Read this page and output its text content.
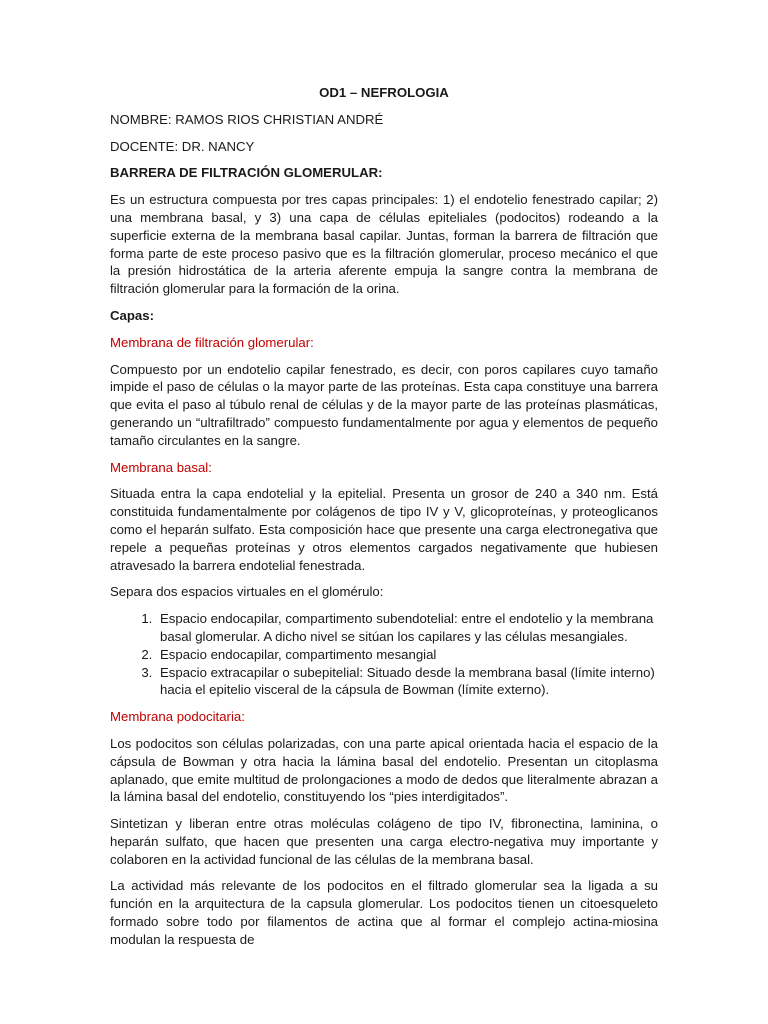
OD1 – NEFROLOGIA

NOMBRE: RAMOS RIOS CHRISTIAN ANDRÉ

DOCENTE: DR. NANCY

BARRERA DE FILTRACIÓN GLOMERULAR:

Es un estructura compuesta por tres capas principales: 1) el endotelio fenestrado capilar; 2) una membrana basal, y 3) una capa de células epiteliales (podocitos) rodeando a la superficie externa de la membrana basal capilar. Juntas, forman la barrera de filtración que forma parte de este proceso pasivo que es la filtración glomerular, proceso mecánico el que la presión hidrostática de la arteria aferente empuja la sangre contra la membrana de filtración glomerular para la formación de la orina.

Capas:

Membrana de filtración glomerular:

Compuesto por un endotelio capilar fenestrado, es decir, con poros capilares cuyo tamaño impide el paso de células o la mayor parte de las proteínas. Esta capa constituye una barrera que evita el paso al túbulo renal de células y de la mayor parte de las proteínas plasmáticas, generando un “ultrafiltrado” compuesto fundamentalmente por agua y elementos de pequeño tamaño circulantes en la sangre.

Membrana basal:

Situada entra la capa endotelial y la epitelial. Presenta un grosor de 240 a 340 nm. Está constituida fundamentalmente por colágenos de tipo IV y V, glicoproteínas, y proteoglicanos como el heparán sulfato. Esta composición hace que presente una carga electronegativa que repele a pequeñas proteínas y otros elementos cargados negativamente que hubiesen atravesado la barrera endotelial fenestrada.

Separa dos espacios virtuales en el glomérulo:

1. Espacio endocapilar, compartimento subendotelial: entre el endotelio y la membrana basal glomerular. A dicho nivel se sitúan los capilares y las células mesangiales.
2. Espacio endocapilar, compartimento mesangial
3. Espacio extracapilar o subepitelial: Situado desde la membrana basal (límite interno) hacia el epitelio visceral de la cápsula de Bowman (límite externo).

Membrana podocitaria:

Los podocitos son células polarizadas, con una parte apical orientada hacia el espacio de la cápsula de Bowman y otra hacia la lámina basal del endotelio. Presentan un citoplasma aplanado, que emite multitud de prolongaciones a modo de dedos que literalmente abrazan a la lámina basal del endotelio, constituyendo los “pies interdigitados”.

Sintetizan y liberan entre otras moléculas colágeno de tipo IV, fibronectina, laminina, o heparán sulfato, que hacen que presenten una carga electro-negativa muy importante y colaboren en la actividad funcional de las células de la membrana basal.

La actividad más relevante de los podocitos en el filtrado glomerular sea la ligada a su función en la arquitectura de la capsula glomerular. Los podocitos tienen un citoesqueleto formado sobre todo por filamentos de actina que al formar el complejo actina-miosina modulan la respuesta de
